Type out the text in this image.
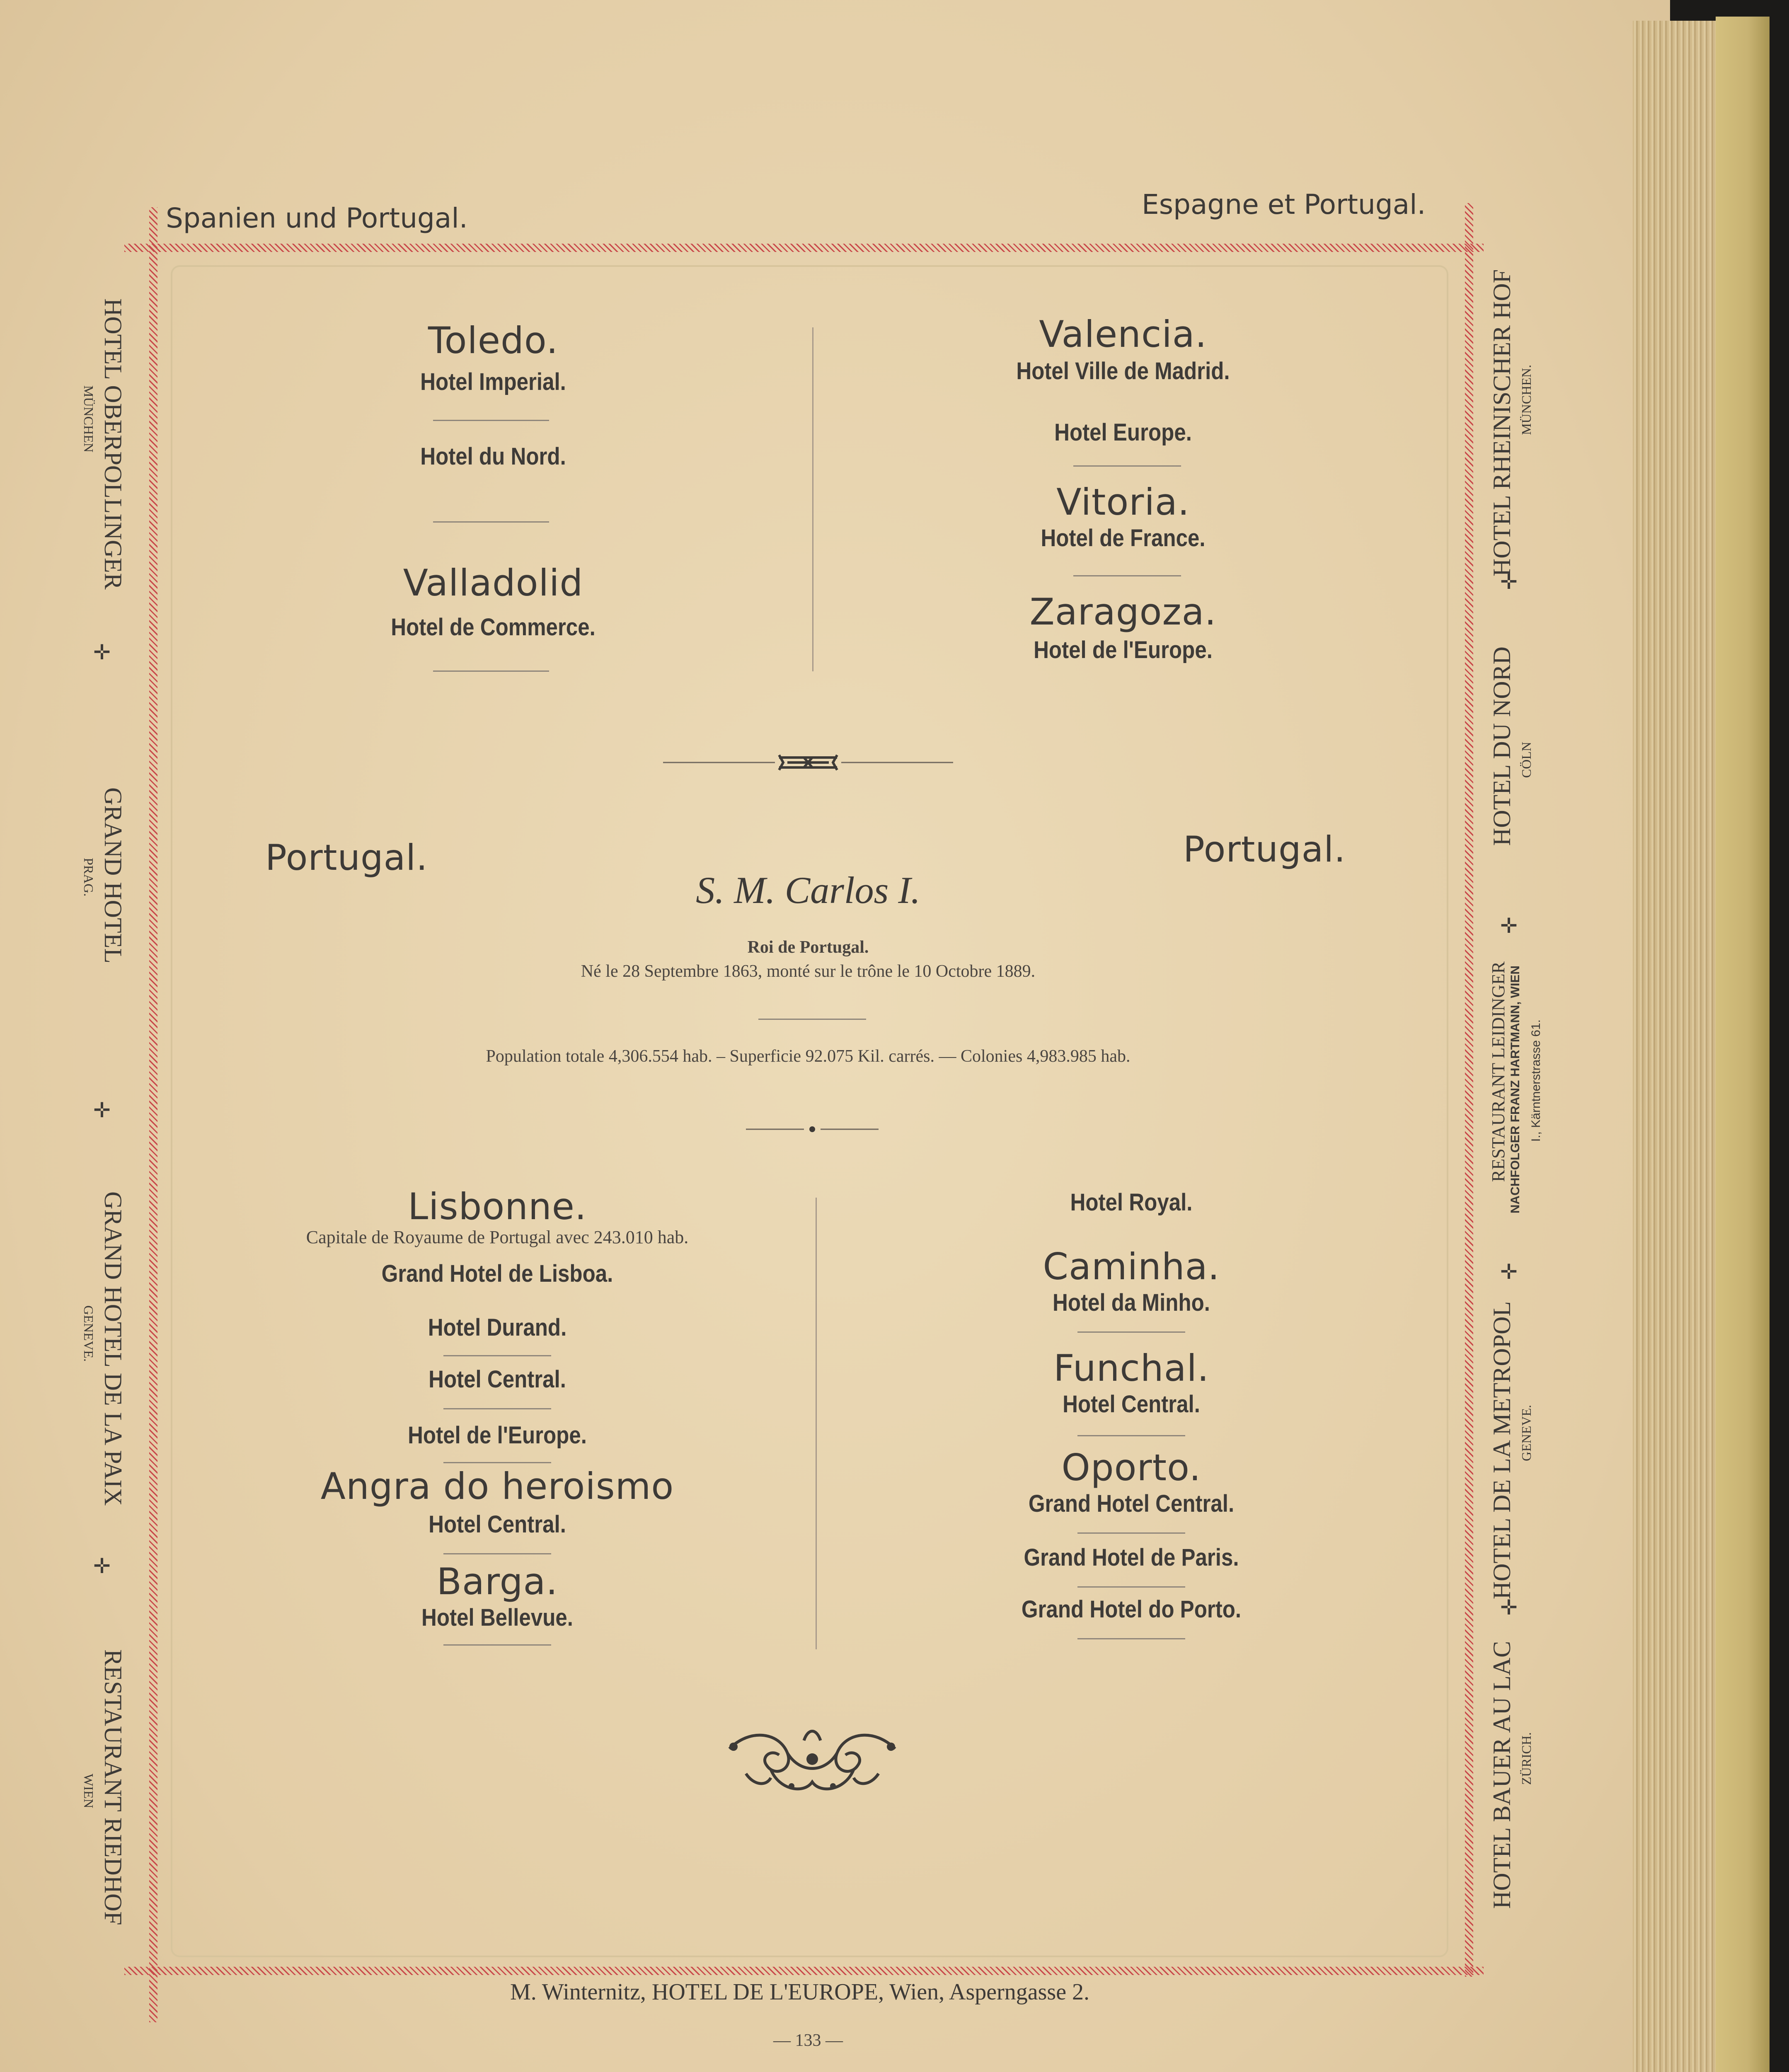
Spanien und Portugal.	Espagne et Portugal.
HOTEL OBERPOLLINGER
MÜNCHEN
✛
GRAND HOTEL
PRAG.
✛
GRAND HOTEL DE LA PAIX
GENEVE.
✛
RESTAURANT RIEDHOF
WIEN
HOTEL RHEINISCHER HOF MÜNCHEN.
✛
HOTEL DU NORD CÖLN
✛
RESTAURANT LEIDINGER NACHFOLGER FRANZ HARTMANN, WIEN I., Kärntnerstrasse 61.
✛
HOTEL DE LA METROPOL GENEVE.
✛
HOTEL BAUER AU LAC ZÜRICH.
Toledo.
Hotel Imperial.
Hotel du Nord.
Valladolid
Hotel de Commerce.
Valencia.
Hotel Ville de Madrid.
Hotel Europe.
Vitoria.
Hotel de France.
Zaragoza.
Hotel de l'Europe.
Portugal.	Portugal.
S. M. Carlos I.
Roi de Portugal.
Né le 28 Septembre 1863, monté sur le trône le 10 Octobre 1889.
Population totale 4,306.554 hab. – Superficie 92.075 Kil. carrés. — Colonies 4,983.985 hab.
Lisbonne.
Capitale de Royaume de Portugal avec 243.010 hab.
Grand Hotel de Lisboa.
Hotel Durand.
Hotel Central.
Hotel de l'Europe.
Angra do heroismo
Hotel Central.
Barga.
Hotel Bellevue.
Hotel Royal.
Caminha.
Hotel da Minho.
Funchal.
Hotel Central.
Oporto.
Grand Hotel Central.
Grand Hotel de Paris.
Grand Hotel do Porto.
M. Winternitz, HOTEL DE L'EUROPE, Wien, Asperngasse 2.
— 133 —
